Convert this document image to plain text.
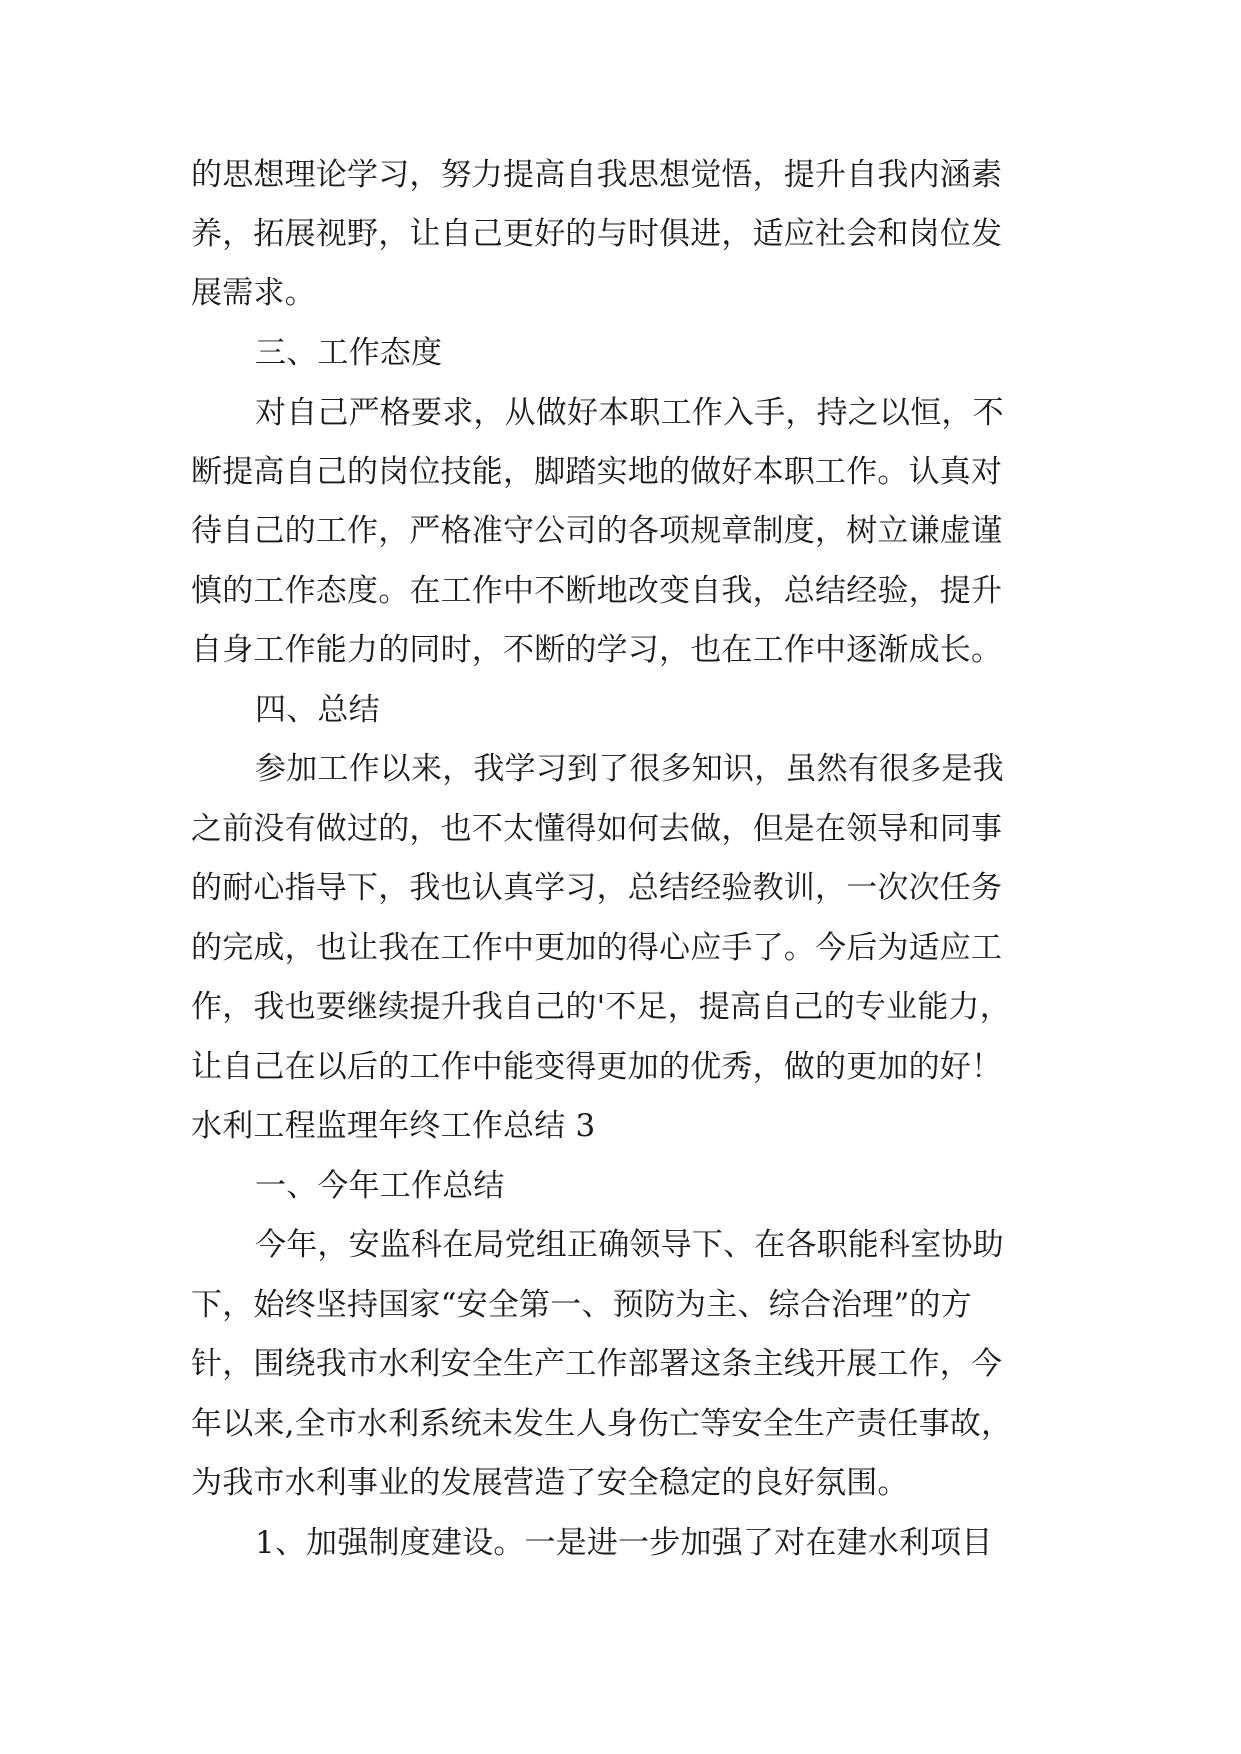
的思想理论学习，努力提高自我思想觉悟，提升自我内涵素
养，拓展视野，让自己更好的与时俱进，适应社会和岗位发
展需求。
三、工作态度
对自己严格要求，从做好本职工作入手，持之以恒，不
断提高自己的岗位技能，脚踏实地的做好本职工作。认真对
待自己的工作，严格准守公司的各项规章制度，树立谦虚谨
慎的工作态度。在工作中不断地改变自我，总结经验，提升
自身工作能力的同时，不断的学习，也在工作中逐渐成长。
四、总结
参加工作以来，我学习到了很多知识，虽然有很多是我
之前没有做过的，也不太懂得如何去做，但是在领导和同事
的耐心指导下，我也认真学习，总结经验教训，一次次任务
的完成，也让我在工作中更加的得心应手了。今后为适应工
作，我也要继续提升我自己的'不足，提高自己的专业能力，
让自己在以后的工作中能变得更加的优秀，做的更加的好！
水利工程监理年终工作总结 3
一、今年工作总结
今年，安监科在局党组正确领导下、在各职能科室协助
下，始终坚持国家“安全第一、预防为主、综合治理”的方
针，围绕我市水利安全生产工作部署这条主线开展工作，今
年以来,全市水利系统未发生人身伤亡等安全生产责任事故，
为我市水利事业的发展营造了安全稳定的良好氛围。
1、加强制度建设。一是进一步加强了对在建水利项目
